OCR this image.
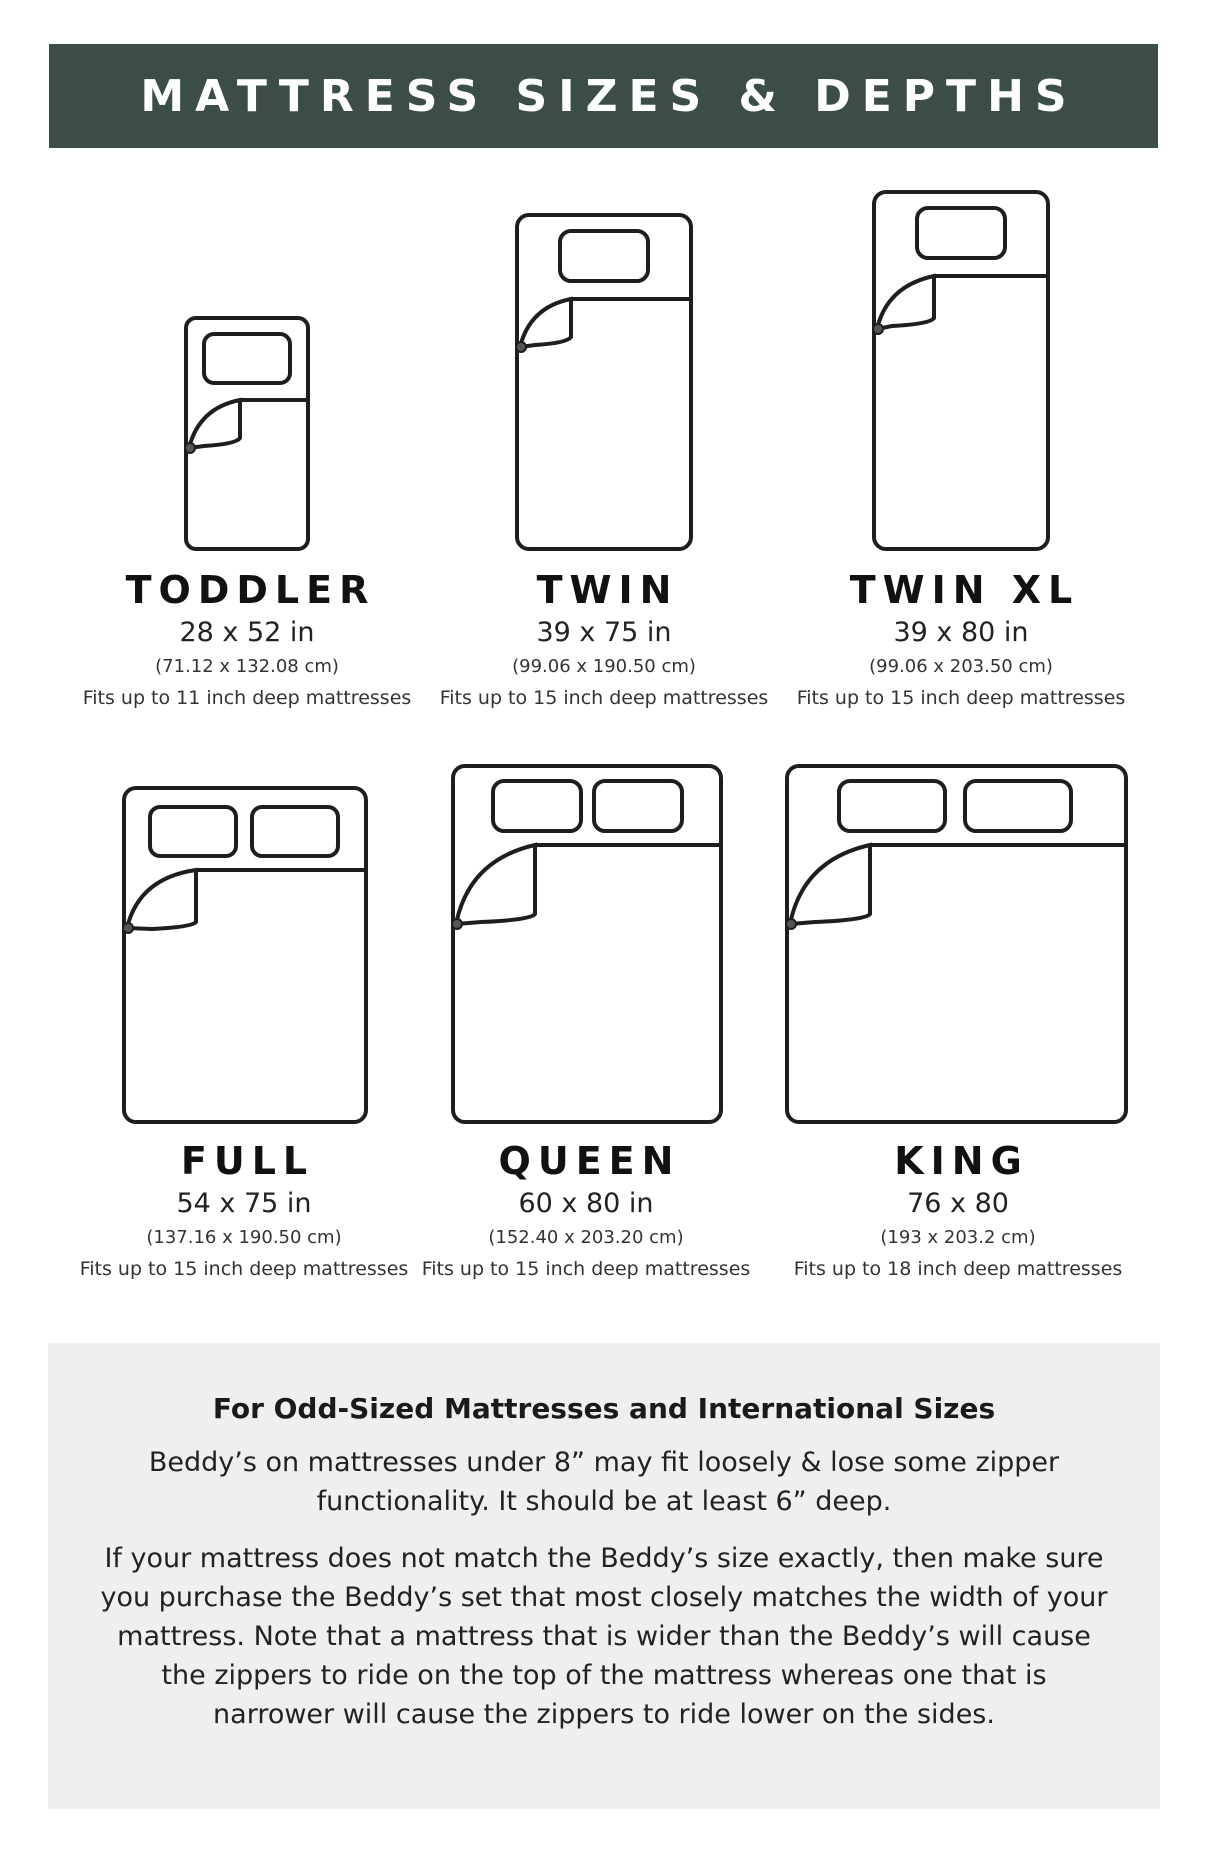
MATTRESS SIZES & DEPTHS
TODDLER
28 x 52 in
(71.12 x 132.08 cm)
Fits up to 11 inch deep mattresses
TWIN
39 x 75 in
(99.06 x 190.50 cm)
Fits up to 15 inch deep mattresses
TWIN XL
39 x 80 in
(99.06 x 203.50 cm)
Fits up to 15 inch deep mattresses
FULL
54 x 75 in
(137.16 x 190.50 cm)
Fits up to 15 inch deep mattresses
QUEEN
60 x 80 in
(152.40 x 203.20 cm)
Fits up to 15 inch deep mattresses
KING
76 x 80
(193 x 203.2 cm)
Fits up to 18 inch deep mattresses
For Odd-Sized Mattresses and International Sizes
Beddy’s on mattresses under 8” may fit loosely & lose some zipper functionality. It should be at least 6” deep.
If your mattress does not match the Beddy’s size exactly, then make sure you purchase the Beddy’s set that most closely matches the width of your mattress. Note that a mattress that is wider than the Beddy’s will cause the zippers to ride on the top of the mattress whereas one that is narrower will cause the zippers to ride lower on the sides.
